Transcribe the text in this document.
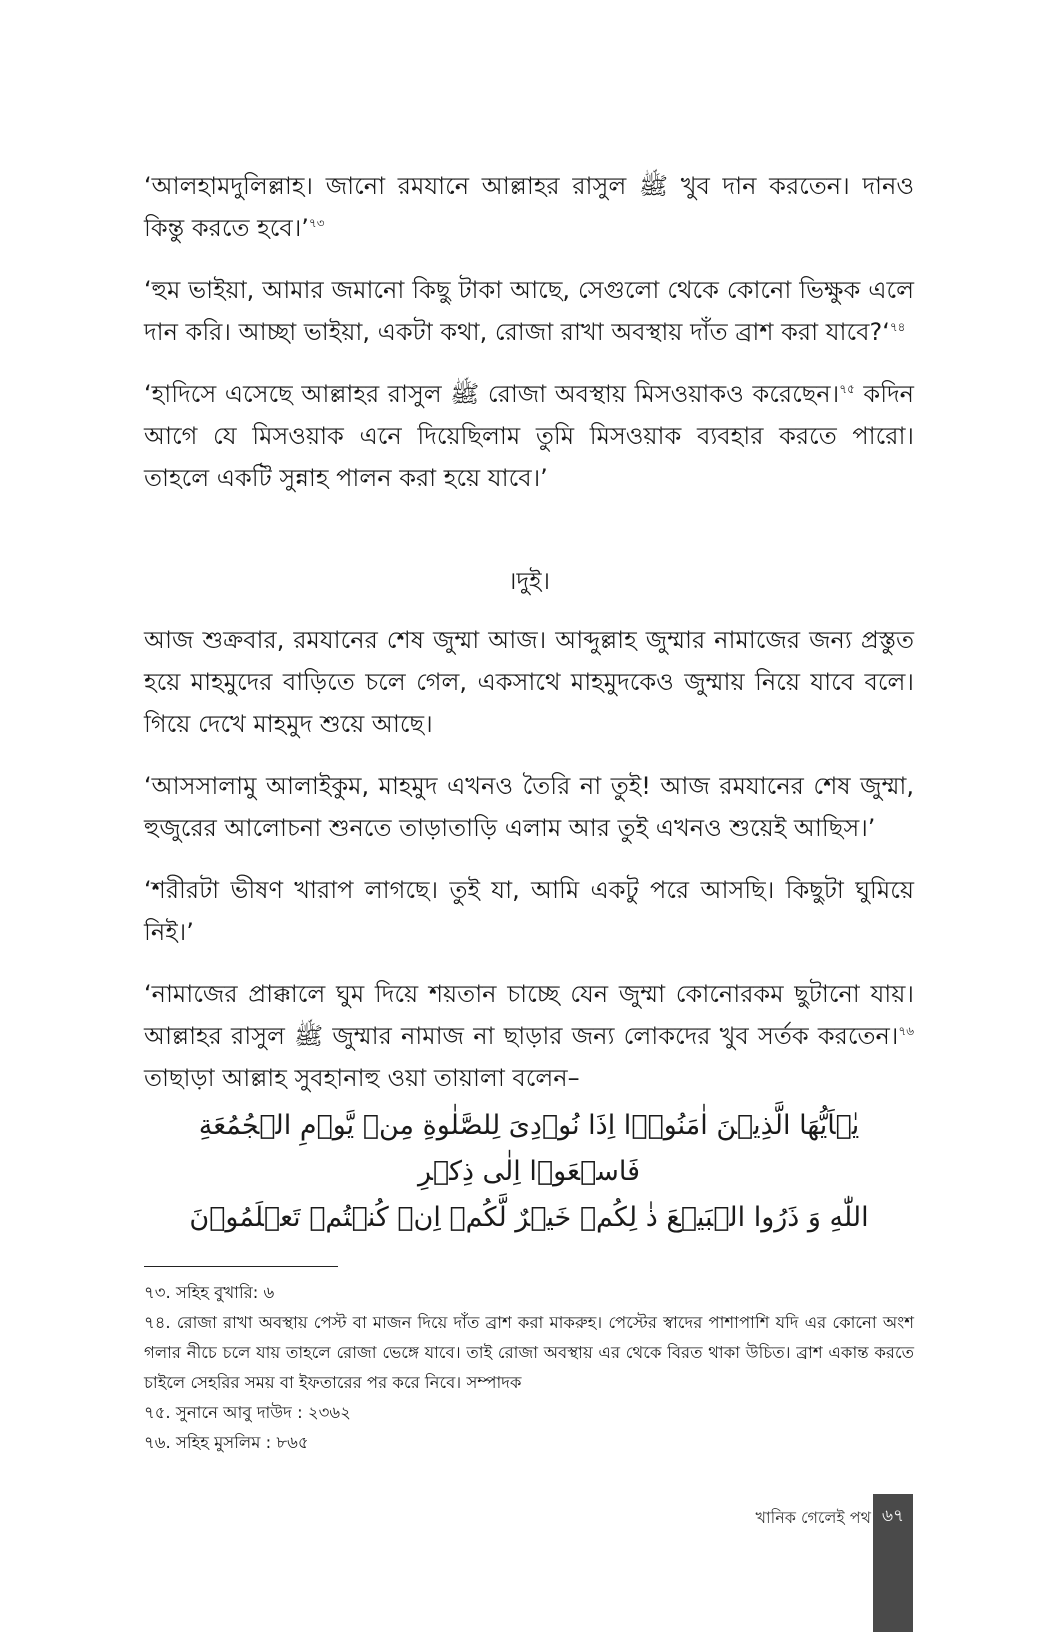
‘আলহামদুলিল্লাহ। জানো রমযানে আল্লাহর রাসুল ﷺ খুব দান করতেন। দানও কিন্তু করতে হবে।’$^{৭৩}$

‘হুম ভাইয়া, আমার জমানো কিছু টাকা আছে, সেগুলো থেকে কোনো ভিক্ষুক এলে দান করি। আচ্ছা ভাইয়া, একটা কথা, রোজা রাখা অবস্থায় দাঁত ব্রাশ করা যাবে?‘$^{৭৪}$

‘হাদিসে এসেছে আল্লাহর রাসুল ﷺ রোজা অবস্থায় মিসওয়াকও করেছেন।$^{৭৫}$ কদিন আগে যে মিসওয়াক এনে দিয়েছিলাম তুমি মিসওয়াক ব্যবহার করতে পারো। তাহলে একটি সুন্নাহ পালন করা হয়ে যাবে।’

।দুই।

আজ শুক্রবার, রমযানের শেষ জুম্মা আজ। আব্দুল্লাহ জুম্মার নামাজের জন্য প্রস্তুত হয়ে মাহমুদের বাড়িতে চলে গেল, একসাথে মাহমুদকেও জুম্মায় নিয়ে যাবে বলে। গিয়ে দেখে মাহমুদ শুয়ে আছে।

‘আসসালামু আলাইকুম, মাহমুদ এখনও তৈরি না তুই! আজ রমযানের শেষ জুম্মা, হুজুরের আলোচনা শুনতে তাড়াতাড়ি এলাম আর তুই এখনও শুয়েই আছিস।’

‘শরীরটা ভীষণ খারাপ লাগছে। তুই যা, আমি একটু পরে আসছি। কিছুটা ঘুমিয়ে নিই।’

‘নামাজের প্রাক্কালে ঘুম দিয়ে শয়তান চাচ্ছে যেন জুম্মা কোনোরকম ছুটানো যায়। আল্লাহর রাসুল ﷺ জুম্মার নামাজ না ছাড়ার জন্য লোকদের খুব সর্তক করতেন।$^{৭৬}$ তাছাড়া আল্লাহ সুবহানাহু ওয়া তায়ালা বলেন–

يٰۤاَيُّهَا الَّذِيۡنَ اٰمَنُوۡۤا اِذَا نُوۡدِىَ لِلصَّلٰوةِ مِنۡ يَّوۡمِ الۡجُمُعَةِ فَاسۡعَوۡا اِلٰى ذِكۡرِ
اللّٰهِ وَ ذَرُوا الۡبَيۡعَ​ ذٰ لِكُمۡ خَيۡرٌ لَّكُمۡ اِنۡ كُنۡتُمۡ تَعۡلَمُوۡنَ

৭৩. সহিহ বুখারি: ৬

৭৪. রোজা রাখা অবস্থায় পেস্ট বা মাজন দিয়ে দাঁত ব্রাশ করা মাকরুহ। পেস্টের স্বাদের পাশাপাশি যদি এর কোনো অংশ গলার নীচে চলে যায় তাহলে রোজা ভেঙ্গে যাবে। তাই রোজা অবস্থায় এর থেকে বিরত থাকা উচিত। ব্রাশ একান্ত করতে চাইলে সেহরির সময় বা ইফতারের পর করে নিবে। সম্পাদক

৭৫. সুনানে আবু দাউদ : ২৩৬২

৭৬. সহিহ মুসলিম : ৮৬৫

খানিক গেলেই পথ ৬৭
